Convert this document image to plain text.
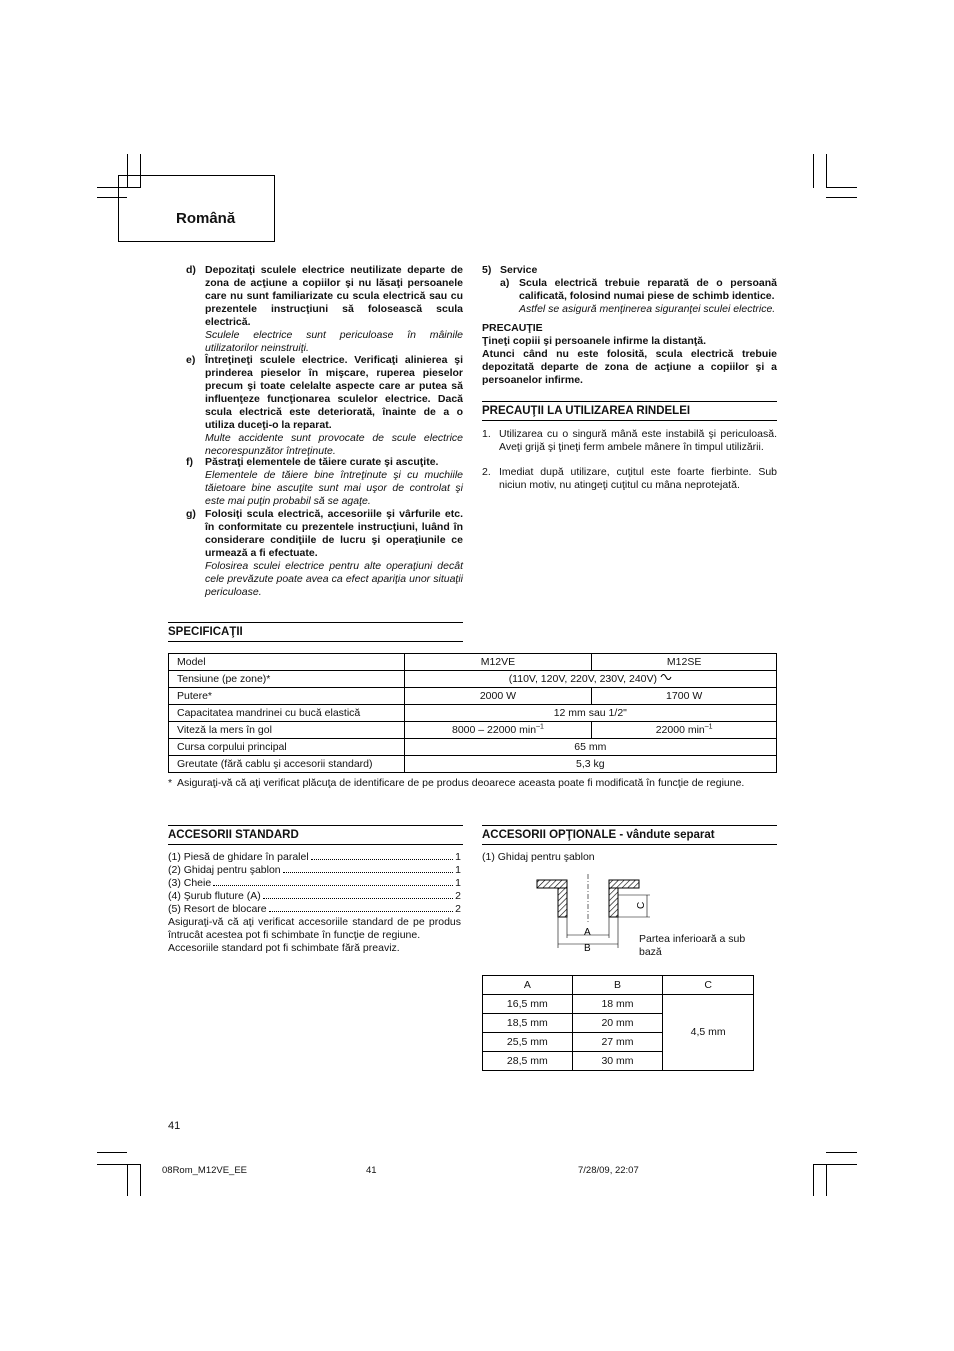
Română
d) Depozitaţi sculele electrice neutilizate departe de zona de acţiune a copiilor şi nu lăsaţi persoanele care nu sunt familiarizate cu scula electrică sau cu prezentele instrucţiuni să folosească scula electrică.
Sculele electrice sunt periculoase în mâinile utilizatorilor neinstruiţi.
e) Întreţineţi sculele electrice. Verificaţi alinierea şi prinderea pieselor în mişcare, ruperea pieselor precum şi toate celelalte aspecte care ar putea să influenţeze funcţionarea sculelor electrice. Dacă scula electrică este deteriorată, înainte de a o utiliza duceţi-o la reparat.
Multe accidente sunt provocate de scule electrice necorespunzător întreţinute.
f) Păstraţi elementele de tăiere curate şi ascuţite.
Elementele de tăiere bine întreţinute şi cu muchiile tăietoare bine ascuţite sunt mai uşor de controlat şi este mai puţin probabil să se agaţe.
g) Folosiţi scula electrică, accesoriile şi vârfurile etc. în conformitate cu prezentele instrucţiuni, luând în considerare condiţiile de lucru şi operaţiunile ce urmează a fi efectuate.
Folosirea sculei electrice pentru alte operaţiuni decât cele prevăzute poate avea ca efect apariţia unor situaţii periculoase.
5) Service
a) Scula electrică trebuie reparată de o persoană calificată, folosind numai piese de schimb identice.
Astfel se asigură menţinerea siguranţei sculei electrice.
PRECAUŢIE
Ţineţi copiii şi persoanele infirme la distanţă.
Atunci când nu este folosită, scula electrică trebuie depozitată departe de zona de acţiune a copiilor şi a persoanelor infirme.
PRECAUŢII LA UTILIZAREA RINDELEI
1. Utilizarea cu o singură mână este instabilă şi periculoasă. Aveţi grijă şi ţineţi ferm ambele mânere în timpul utilizării.
2. Imediat după utilizare, cuţitul este foarte fierbinte. Sub niciun motiv, nu atingeţi cuţitul cu mâna neprotejată.
SPECIFICAŢII
Model	M12VE	M12SE
Tensiune (pe zone)*	(110V, 120V, 220V, 230V, 240V)	
Putere*	2000 W	1700 W
Capacitatea mandrinei cu bucă elastică	12 mm sau 1/2"	
Viteză la mers în gol	8000 – 22000 $\min^{-1}$	22000 $\min^{-1}$
Cursa corpului principal	65 mm	
Greutate (fără cablu şi accesorii standard)	5,3 kg	
* Asiguraţi-vă că aţi verificat plăcuţa de identificare de pe produs deoarece aceasta poate fi modificată în funcţie de regiune.
ACCESORII STANDARD
(1) Piesă de ghidare în paralel	1
(2) Ghidaj pentru şablon	1
(3) Cheie	1
(4) Şurub fluture (A)	2
(5) Resort de blocare	2
Asiguraţi-vă că aţi verificat accesoriile standard de pe produs întrucât acestea pot fi schimbate în funcţie de regiune.
Accesoriile standard pot fi schimbate fără preaviz.
ACCESORII OPŢIONALE - vândute separat
(1) Ghidaj pentru şablon
A
B
C
Partea inferioară a sub bază
A	B	C
16,5 mm	18 mm	4,5 mm
18,5 mm	20 mm	
25,5 mm	27 mm	
28,5 mm	30 mm	
41
08Rom_M12VE_EE	41	7/28/09, 22:07
